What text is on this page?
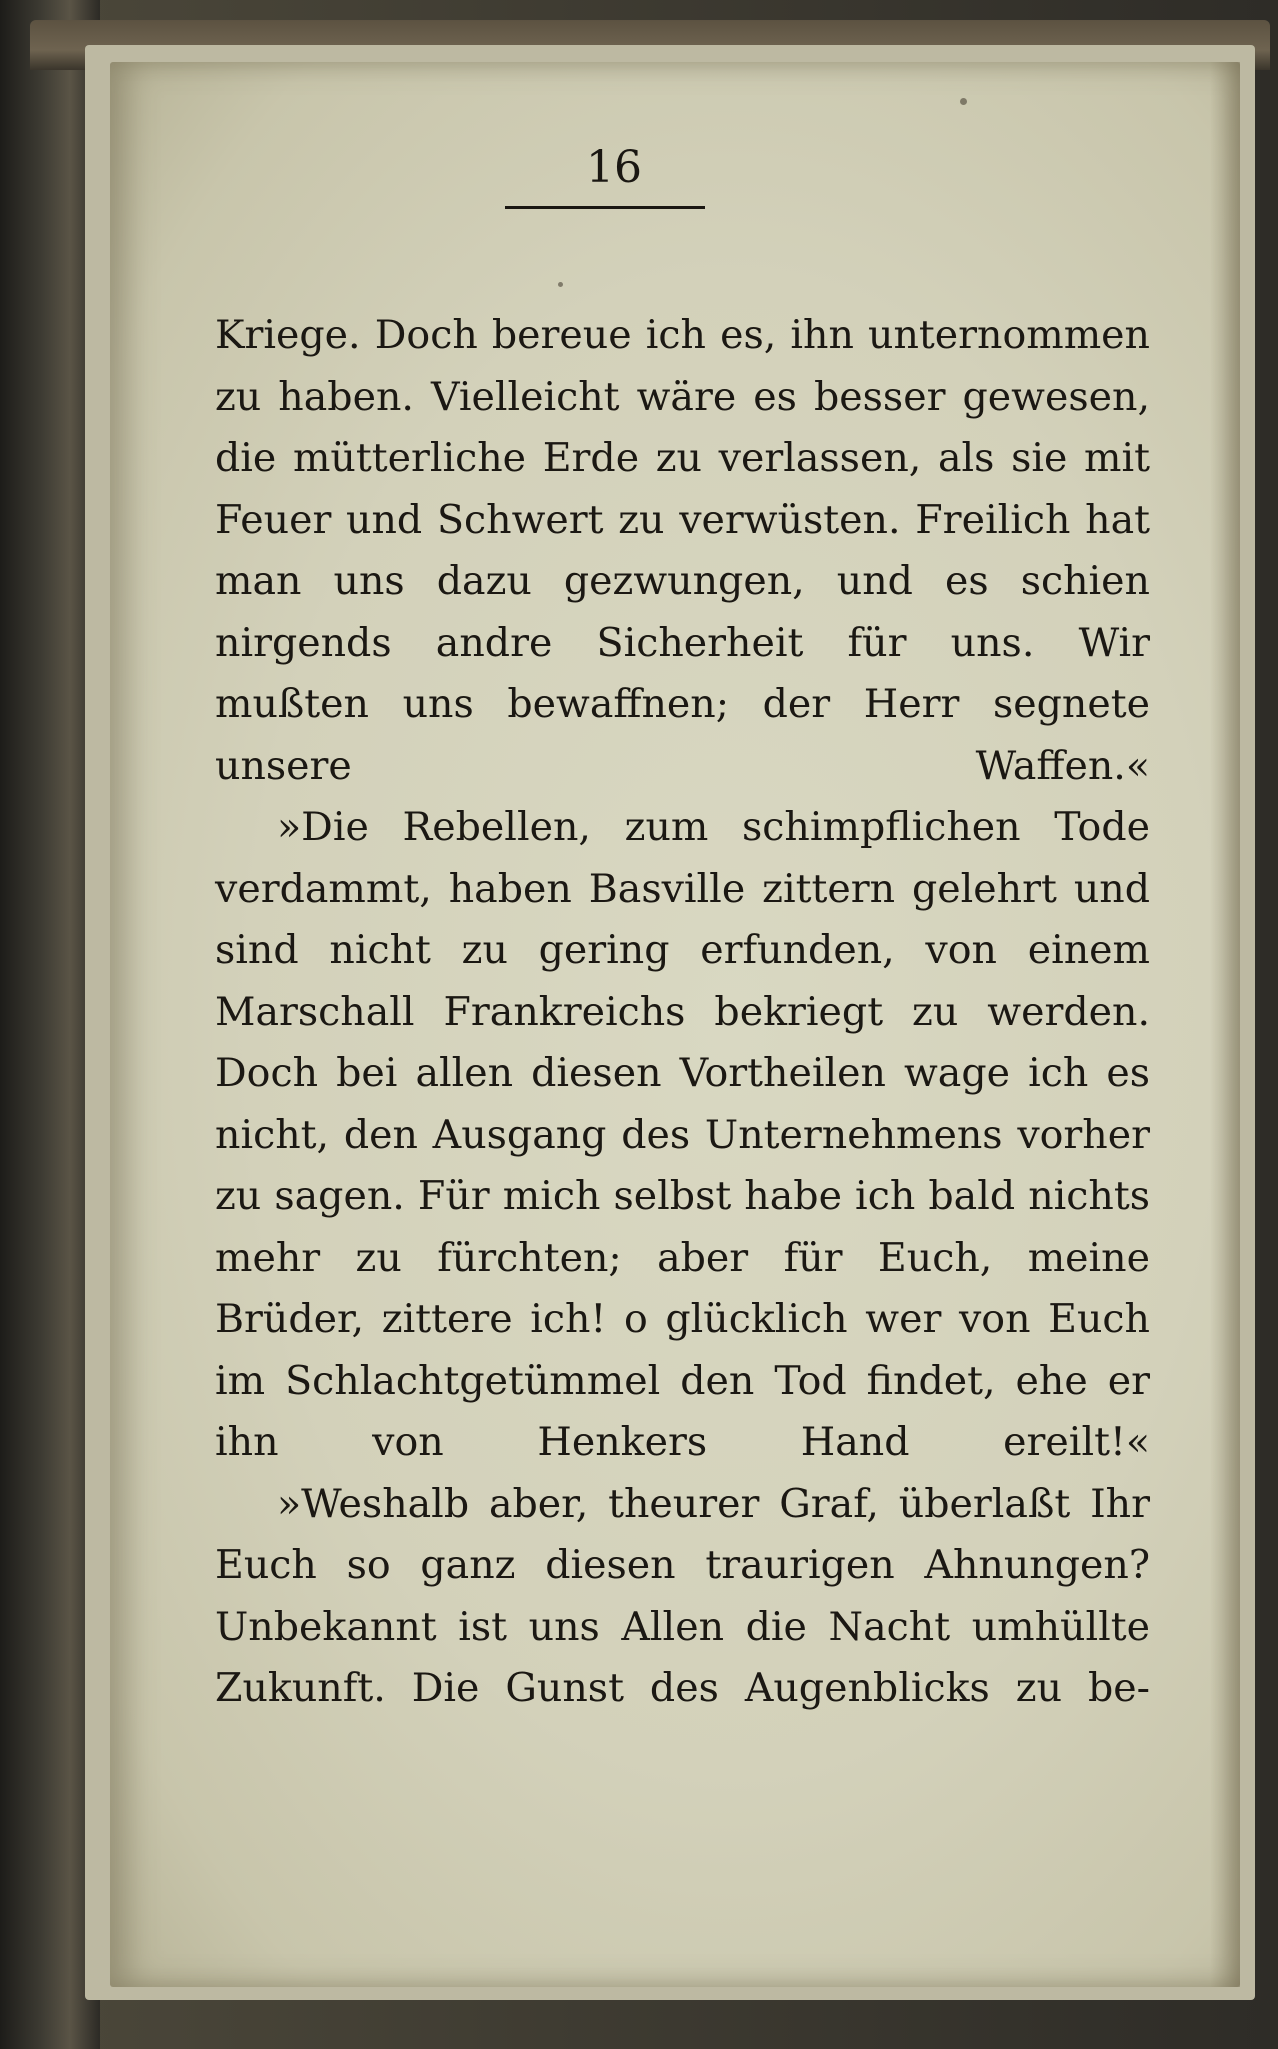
16

Kriege. Doch bereue ich es, ihn unternommen zu haben. Vielleicht wäre es besser gewesen, die mütterliche Erde zu verlassen, als sie mit Feuer und Schwert zu verwüsten. Freilich hat man uns dazu gezwungen, und es schien nirgends andre Sicherheit für uns. Wir mußten uns bewaffnen; der Herr segnete unsere Waffen.«

»Die Rebellen, zum schimpflichen Tode verdammt, haben Basville zittern gelehrt und sind nicht zu gering erfunden, von einem Marschall Frankreichs bekriegt zu werden. Doch bei allen diesen Vortheilen wage ich es nicht, den Ausgang des Unternehmens vorher zu sagen. Für mich selbst habe ich bald nichts mehr zu fürchten; aber für Euch, meine Brüder, zittere ich! o glücklich wer von Euch im Schlachtgetümmel den Tod findet, ehe er ihn von Henkers Hand ereilt!«

»Weshalb aber, theurer Graf, überlaßt Ihr Euch so ganz diesen traurigen Ahnungen? Unbekannt ist uns Allen die Nacht umhüllte Zukunft. Die Gunst des Augenblicks zu be-
